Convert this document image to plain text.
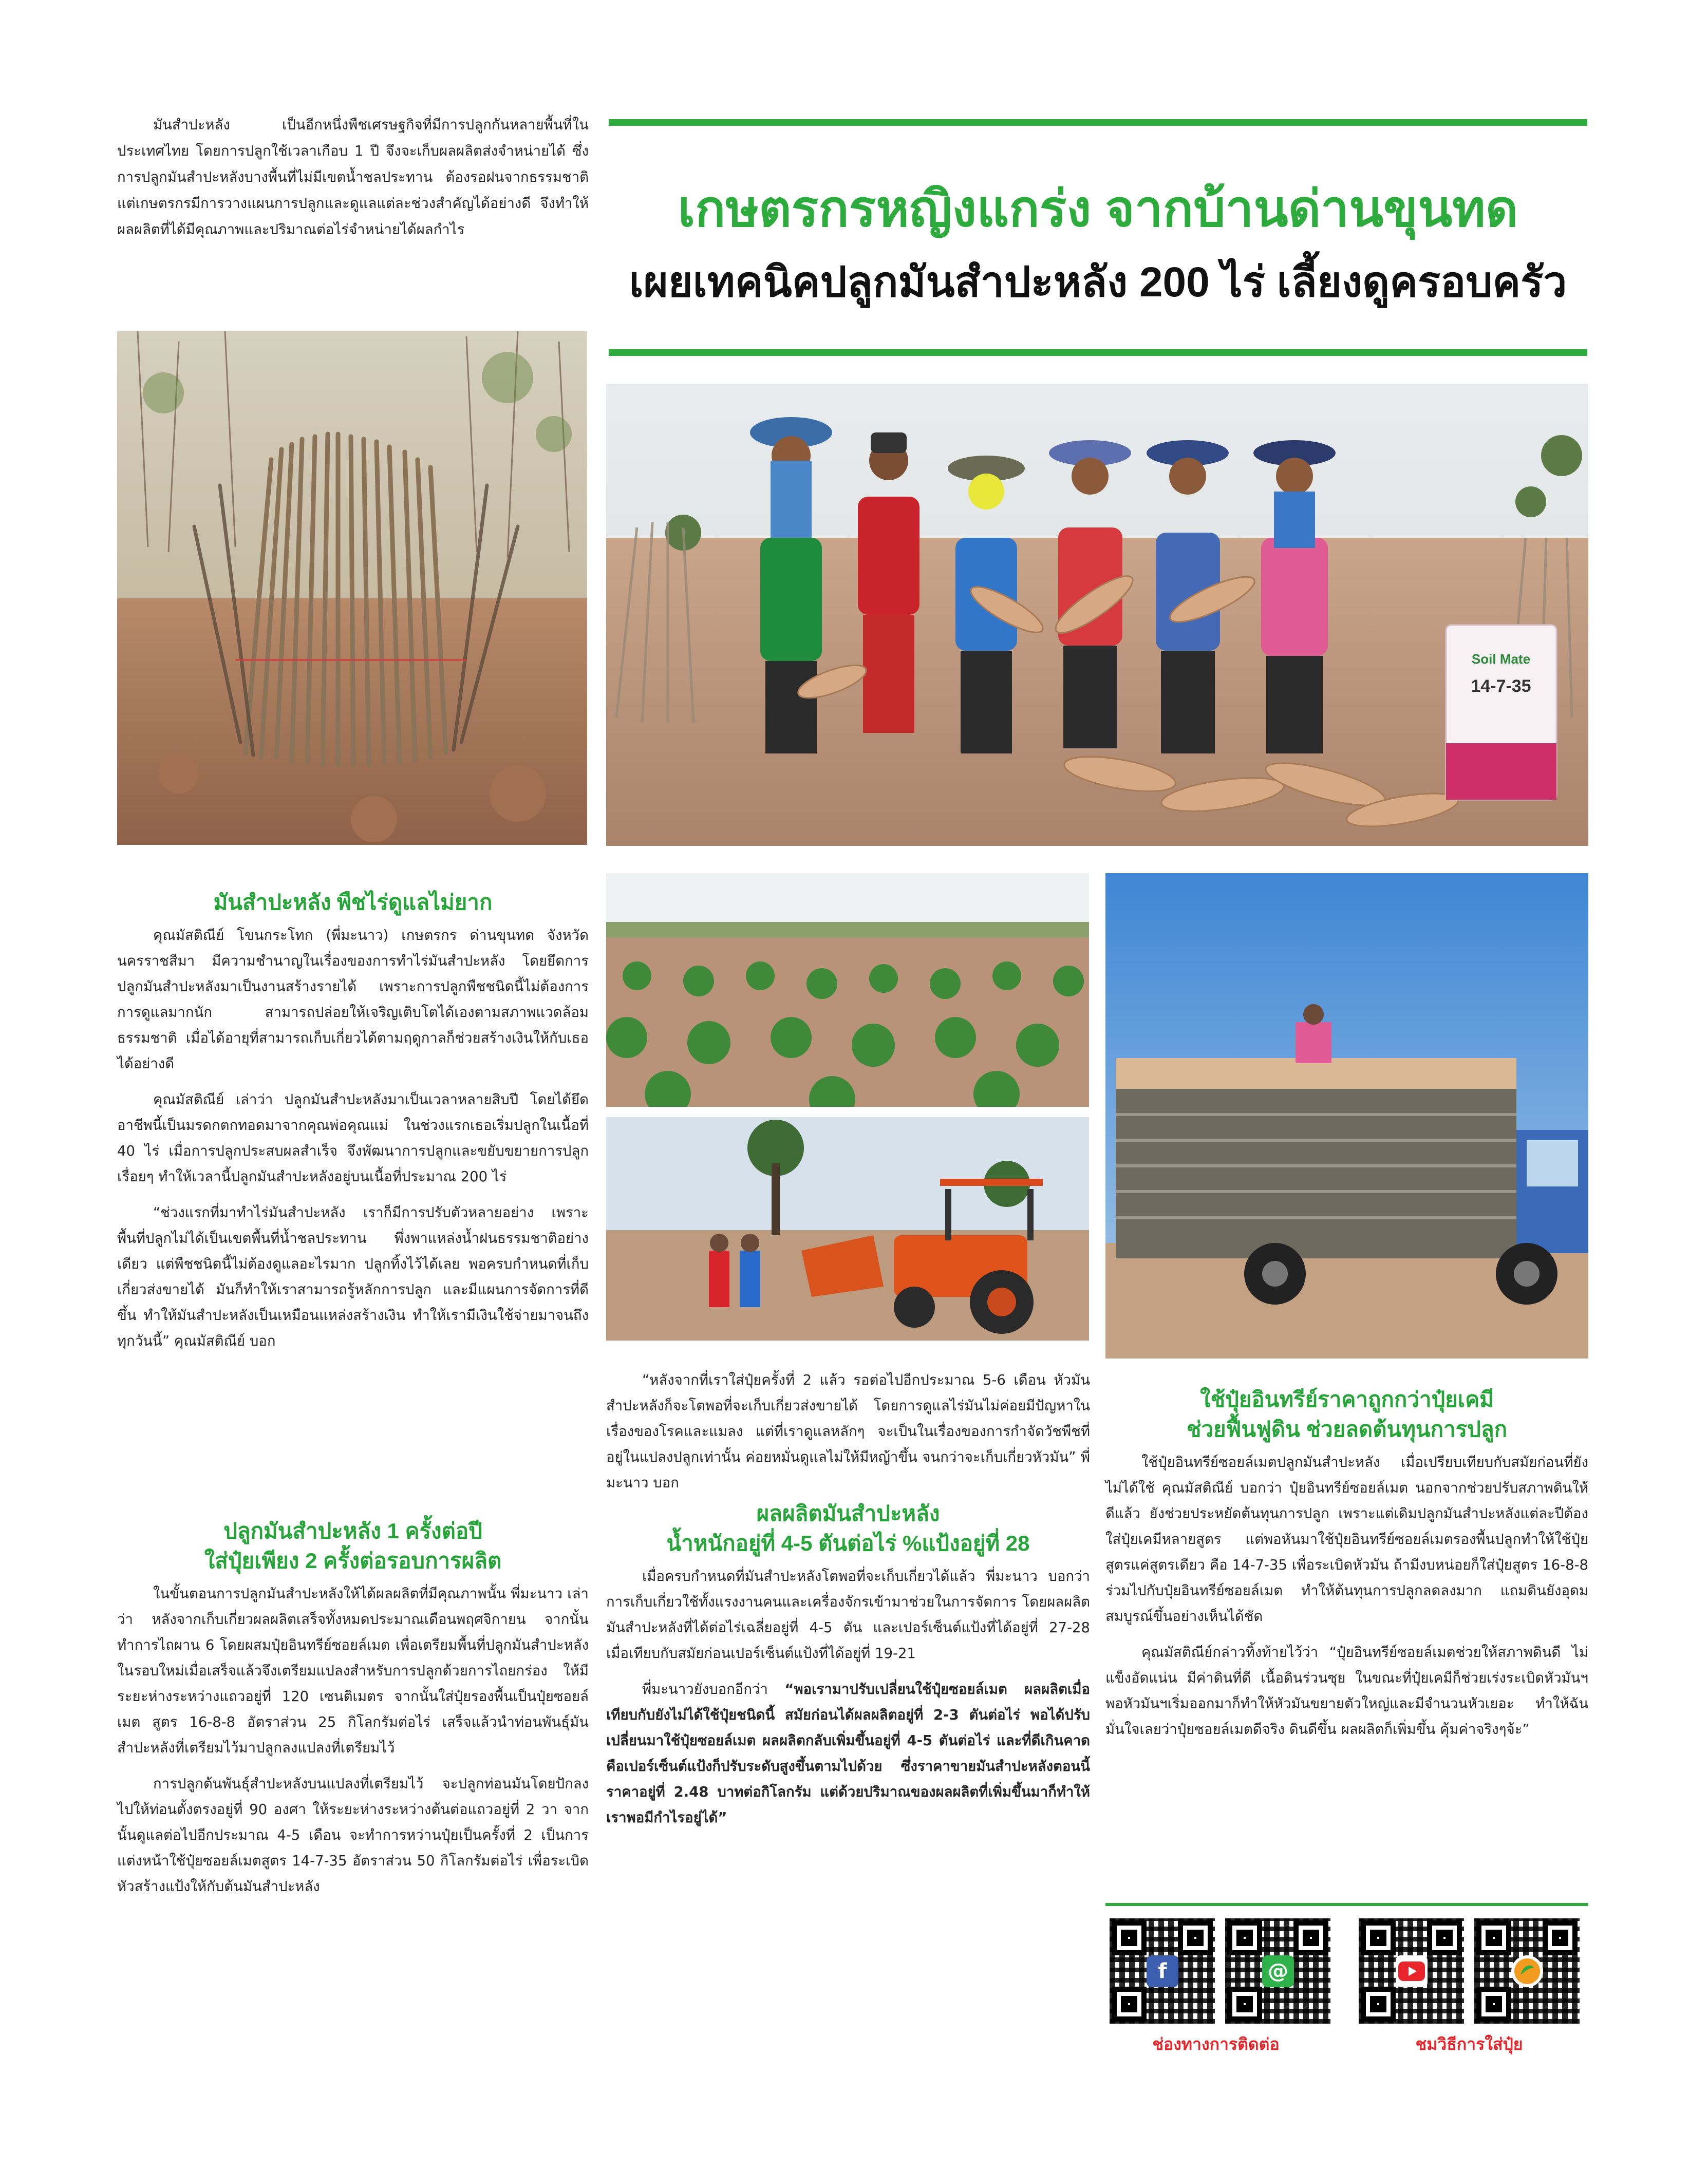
มันสำปะหลัง เป็นอีกหนึ่งพืชเศรษฐกิจที่มีการปลูกกันหลายพื้นที่ในประเทศไทย โดยการปลูกใช้เวลาเกือบ 1 ปี จึงจะเก็บผลผลิตส่งจำหน่ายได้ ซึ่งการปลูกมันสำปะหลังบางพื้นที่ไม่มีเขตน้ำชลประทาน ต้องรอฝนจากธรรมชาติ แต่เกษตรกรมีการวางแผนการปลูกและดูแลแต่ละช่วงสำคัญได้อย่างดี จึงทำให้ผลผลิตที่ได้มีคุณภาพและปริมาณต่อไร่จำหน่ายได้ผลกำไร	เกษตรกรหญิงแกร่ง จากบ้านด่านขุนทด
เผยเทคนิคปลูกมันสำปะหลัง 200 ไร่ เลี้ยงดูครอบครัว
Soil Mate
14-7-35

มันสำปะหลัง พืชไร่ดูแลไม่ยาก

คุณมัสติณีย์ โขนกระโทก (พี่มะนาว) เกษตรกร ด่านขุนทด จังหวัดนครราชสีมา มีความชำนาญในเรื่องของการทำไร่มันสำปะหลัง โดยยึดการปลูกมันสำปะหลังมาเป็นงานสร้างรายได้ เพราะการปลูกพืชชนิดนี้ไม่ต้องการการดูแลมากนัก สามารถปล่อยให้เจริญเติบโตได้เองตามสภาพแวดล้อมธรรมชาติ เมื่อได้อายุที่สามารถเก็บเกี่ยวได้ตามฤดูกาลก็ช่วยสร้างเงินให้กับเธอได้อย่างดี

คุณมัสติณีย์ เล่าว่า ปลูกมันสำปะหลังมาเป็นเวลาหลายสิบปี โดยได้ยึดอาชีพนี้เป็นมรดกตกทอดมาจากคุณพ่อคุณแม่ ในช่วงแรกเธอเริ่มปลูกในเนื้อที่ 40 ไร่ เมื่อการปลูกประสบผลสำเร็จ จึงพัฒนาการปลูกและขยับขยายการปลูกเรื่อยๆ ทำให้เวลานี้ปลูกมันสำปะหลังอยู่บนเนื้อที่ประมาณ 200 ไร่

“ช่วงแรกที่มาทำไร่มันสำปะหลัง เราก็มีการปรับตัวหลายอย่าง เพราะพื้นที่ปลูกไม่ได้เป็นเขตพื้นที่น้ำชลประทาน พึ่งพาแหล่งน้ำฝนธรรมชาติอย่างเดียว แต่พืชชนิดนี้ไม่ต้องดูแลอะไรมาก ปลูกทิ้งไว้ได้เลย พอครบกำหนดที่เก็บเกี่ยวส่งขายได้ มันก็ทำให้เราสามารถรู้หลักการปลูก และมีแผนการจัดการที่ดีขึ้น ทำให้มันสำปะหลังเป็นเหมือนแหล่งสร้างเงิน ทำให้เรามีเงินใช้จ่ายมาจนถึงทุกวันนี้” คุณมัสติณีย์ บอก

ปลูกมันสำปะหลัง 1 ครั้งต่อปี

ใส่ปุ๋ยเพียง 2 ครั้งต่อรอบการผลิต

ในขั้นตอนการปลูกมันสำปะหลังให้ได้ผลผลิตที่มีคุณภาพนั้น พี่มะนาว เล่าว่า หลังจากเก็บเกี่ยวผลผลิตเสร็จทั้งหมดประมาณเดือนพฤศจิกายน จากนั้นทำการไถผาน 6 โดยผสมปุ๋ยอินทรีย์ซอยล์เมต เพื่อเตรียมพื้นที่ปลูกมันสำปะหลังในรอบใหม่เมื่อเสร็จแล้วจึงเตรียมแปลงสำหรับการปลูกด้วยการไถยกร่อง ให้มีระยะห่างระหว่างแถวอยู่ที่ 120 เซนติเมตร จากนั้นใส่ปุ๋ยรองพื้นเป็นปุ๋ยซอยล์เมต สูตร 16-8-8 อัตราส่วน 25 กิโลกรัมต่อไร่ เสร็จแล้วนำท่อนพันธุ์มันสำปะหลังที่เตรียมไว้มาปลูกลงแปลงที่เตรียมไว้

การปลูกต้นพันธุ์สำปะหลังบนแปลงที่เตรียมไว้ จะปลูกท่อนมันโดยปักลงไปให้ท่อนตั้งตรงอยู่ที่ 90 องศา ให้ระยะห่างระหว่างต้นต่อแถวอยู่ที่ 2 วา จากนั้นดูแลต่อไปอีกประมาณ 4-5 เดือน จะทำการหว่านปุ๋ยเป็นครั้งที่ 2 เป็นการแต่งหน้าใช้ปุ๋ยซอยล์เมตสูตร 14-7-35 อัตราส่วน 50 กิโลกรัมต่อไร่ เพื่อระเบิดหัวสร้างแป้งให้กับต้นมันสำปะหลัง

“หลังจากที่เราใส่ปุ๋ยครั้งที่ 2 แล้ว รอต่อไปอีกประมาณ 5-6 เดือน หัวมันสำปะหลังก็จะโตพอที่จะเก็บเกี่ยวส่งขายได้ โดยการดูแลไร่มันไม่ค่อยมีปัญหาในเรื่องของโรคและแมลง แต่ที่เราดูแลหลักๆ จะเป็นในเรื่องของการกำจัดวัชพืชที่อยู่ในแปลงปลูกเท่านั้น ค่อยหมั่นดูแลไม่ให้มีหญ้าขึ้น จนกว่าจะเก็บเกี่ยวหัวมัน” พี่มะนาว บอก

ผลผลิตมันสำปะหลัง

น้ำหนักอยู่ที่ 4-5 ตันต่อไร่ %แป้งอยู่ที่ 28

เมื่อครบกำหนดที่มันสำปะหลังโตพอที่จะเก็บเกี่ยวได้แล้ว พี่มะนาว บอกว่า การเก็บเกี่ยวใช้ทั้งแรงงานคนและเครื่องจักรเข้ามาช่วยในการจัดการ โดยผลผลิตมันสำปะหลังที่ได้ต่อไร่เฉลี่ยอยู่ที่ 4-5 ตัน และเปอร์เซ็นต์แป้งที่ได้อยู่ที่ 27-28 เมื่อเทียบกับสมัยก่อนเปอร์เซ็นต์แป้งที่ได้อยู่ที่ 19-21

พี่มะนาวยังบอกอีกว่า “พอเรามาปรับเปลี่ยนใช้ปุ๋ยซอยล์เมต ผลผลิตเมื่อเทียบกับยังไม่ได้ใช้ปุ๋ยชนิดนี้ สมัยก่อนได้ผลผลิตอยู่ที่ 2-3 ตันต่อไร่ พอได้ปรับเปลี่ยนมาใช้ปุ๋ยซอยล์เมต ผลผลิตกลับเพิ่มขึ้นอยู่ที่ 4-5 ตันต่อไร่ และที่ดีเกินคาดคือเปอร์เซ็นต์แป้งก็ปรับระดับสูงขึ้นตามไปด้วย ซึ่งราคาขายมันสำปะหลังตอนนี้ราคาอยู่ที่ 2.48 บาทต่อกิโลกรัม แต่ด้วยปริมาณของผลผลิตที่เพิ่มขึ้นมาก็ทำให้เราพอมีกำไรอยู่ได้”

ใช้ปุ๋ยอินทรีย์ราคาถูกกว่าปุ๋ยเคมี

ช่วยฟื้นฟูดิน ช่วยลดต้นทุนการปลูก

ใช้ปุ๋ยอินทรีย์ซอยล์เมตปลูกมันสำปะหลัง เมื่อเปรียบเทียบกับสมัยก่อนที่ยังไม่ได้ใช้ คุณมัสติณีย์ บอกว่า ปุ๋ยอินทรีย์ซอยล์เมต นอกจากช่วยปรับสภาพดินให้ดีแล้ว ยังช่วยประหยัดต้นทุนการปลูก เพราะแต่เดิมปลูกมันสำปะหลังแต่ละปีต้องใส่ปุ๋ยเคมีหลายสูตร แต่พอหันมาใช้ปุ๋ยอินทรีย์ซอยล์เมตรองพื้นปลูกทำให้ใช้ปุ๋ยสูตรแค่สูตรเดียว คือ 14-7-35 เพื่อระเบิดหัวมัน ถ้ามีงบหน่อยก็ใส่ปุ๋ยสูตร 16-8-8 ร่วมไปกับปุ๋ยอินทรีย์ซอยล์เมต ทำให้ต้นทุนการปลูกลดลงมาก แถมดินยังอุดมสมบูรณ์ขึ้นอย่างเห็นได้ชัด

คุณมัสติณีย์กล่าวทิ้งท้ายไว้ว่า “ปุ๋ยอินทรีย์ซอยล์เมตช่วยให้สภาพดินดี ไม่แข็งอัดแน่น มีค่าดินที่ดี เนื้อดินร่วนซุย ในขณะที่ปุ๋ยเคมีก็ช่วยเร่งระเบิดหัวมันฯ พอหัวมันฯเริ่มออกมาก็ทำให้หัวมันขยายตัวใหญ่และมีจำนวนหัวเยอะ ทำให้ฉันมั่นใจเลยว่าปุ๋ยซอยล์เมตดีจริง ดินดีขึ้น ผลผลิตก็เพิ่มขึ้น คุ้มค่าจริงๆจ้ะ”

f	@
ช่องทางการติดต่อ	ชมวิธีการใส่ปุ๋ย
